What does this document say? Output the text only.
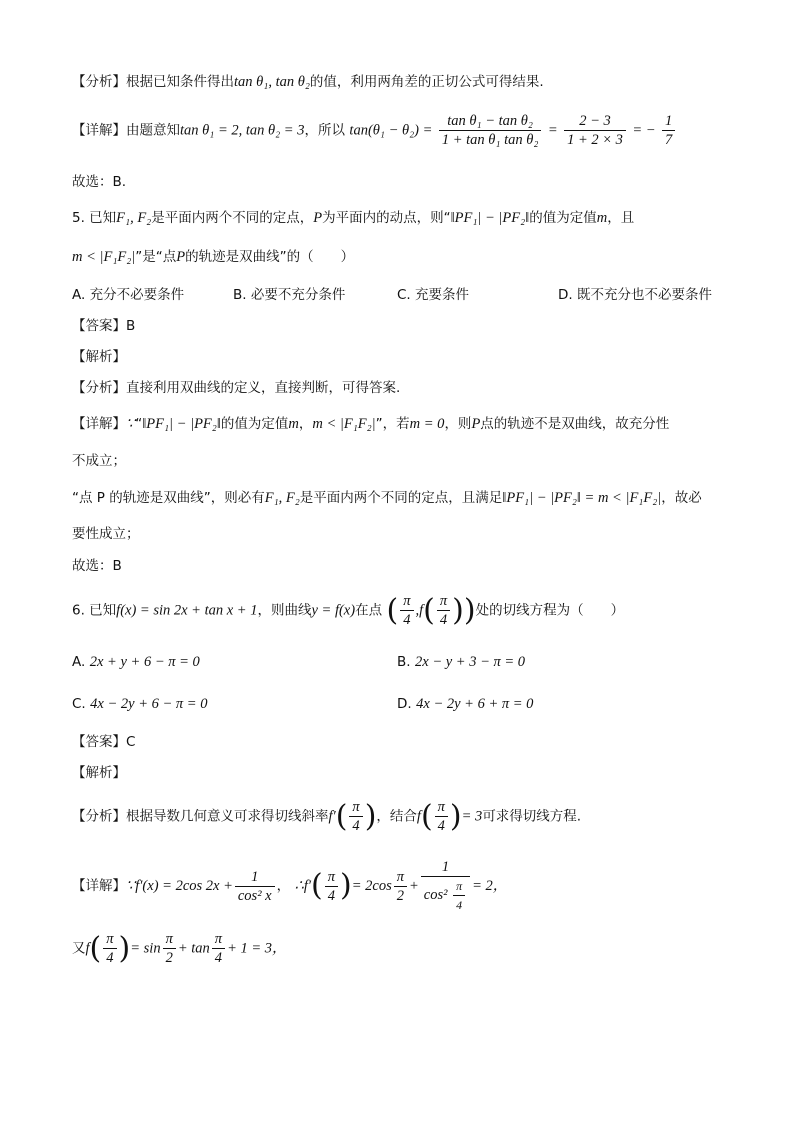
【分析】根据已知条件得出tan θ₁, tan θ₂的值，利用两角差的正切公式可得结果.
【详解】由题意知tan θ₁ = 2, tan θ₂ = 3，所以 $\tan(\theta_1 - \theta_2) = \frac{\text{tan θ₁ − tan θ₂}}{\text{1 + tan θ₁ tan θ₂}} = \frac{2 - 3}{1 + 2 \times 3}$ = − $\frac{1}{7}$
故选：B.
5. 已知F₁, F₂是平面内两个不同的定点，P为平面内的动点，则“‖PF₁| − |PF₂‖的值为定值m，且
m < |F₁F₂|”是“点P的轨迹是双曲线”的（　　）
A. 充分不必要条件	B. 必要不充分条件	C. 充要条件	D. 既不充分也不必要条件
【答案】B
【解析】
【分析】直接利用双曲线的定义，直接判断，可得答案.
【详解】∵“‖PF₁| − |PF₂‖的值为定值m，m < |F₁F₂|”，若m = 0，则P点的轨迹不是双曲线，故充分性
不成立；
“点 P 的轨迹是双曲线”，则必有F₁, F₂是平面内两个不同的定点，且满足‖PF₁| − |PF₂‖ = m < |F₁F₂|，故必
要性成立；
故选：B
6. 已知f(x) = sin 2x + tan x + 1，则曲线y = f(x)在点 ( $\frac{\pi}{4} ,f( \frac{\pi}{4}$ ))处的切线方程为（　　）
A. 2x + y + 6 − π = 0	B. 2x − y + 3 − π = 0
C. 4x − 2y + 6 − π = 0	D. 4x − 2y + 6 + π = 0
【答案】C
【解析】
【分析】根据导数几何意义可求得切线斜率$f'( \frac{\pi}{4}$ )，结合$f( \frac{\pi}{4}$ )= 3可求得切线方程.
【详解】∵f′(x) = 2cos $2x + \frac{1}{\text{cos² x}}$ ， ∴f′( $\frac{\pi}{4}$ )= $2\cos \frac{\pi}{2} + \frac{1}{\cos^2 \frac{\pi}{4}} = 2$，
又$f( \frac{\pi}{4}$ )= $\sin \frac{\pi}{2} + \tan \frac{\pi}{4} + 1 = 3$，
